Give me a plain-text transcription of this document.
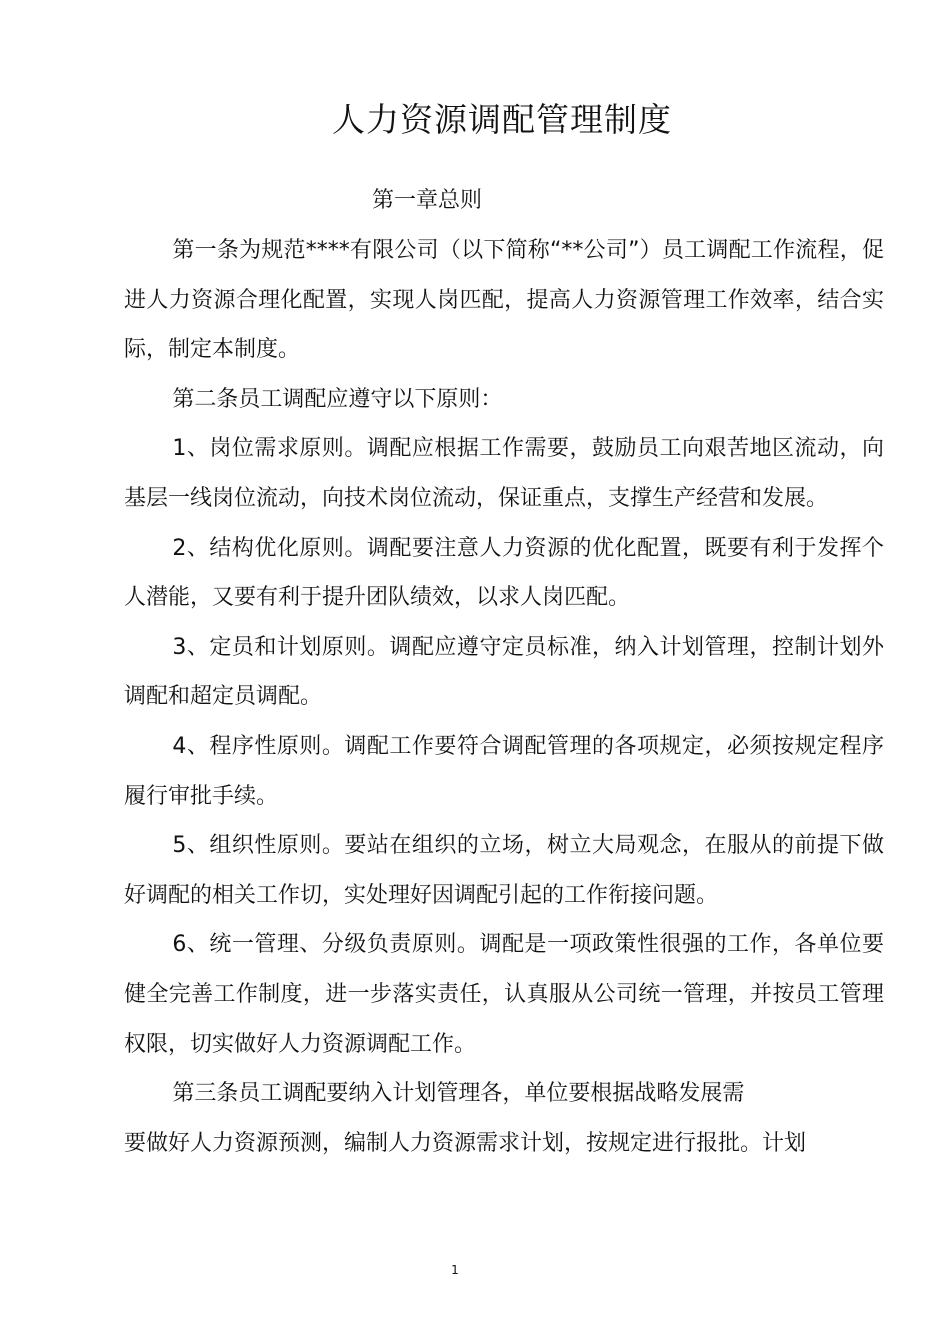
人力资源调配管理制度
第一章总则

第一条为规范****有限公司（以下简称“**公司”）员工调配工作流程，促进人力资源合理化配置，实现人岗匹配，提高人力资源管理工作效率，结合实际，制定本制度。

第二条员工调配应遵守以下原则：

1、岗位需求原则。调配应根据工作需要，鼓励员工向艰苦地区流动，向基层一线岗位流动，向技术岗位流动，保证重点，支撑生产经营和发展。

2、结构优化原则。调配要注意人力资源的优化配置，既要有利于发挥个人潜能，又要有利于提升团队绩效，以求人岗匹配。

3、定员和计划原则。调配应遵守定员标准，纳入计划管理，控制计划外调配和超定员调配。

4、程序性原则。调配工作要符合调配管理的各项规定，必须按规定程序履行审批手续。

5、组织性原则。要站在组织的立场，树立大局观念，在服从的前提下做好调配的相关工作切，实处理好因调配引起的工作衔接问题。

6、统一管理、分级负责原则。调配是一项政策性很强的工作，各单位要健全完善工作制度，进一步落实责任，认真服从公司统一管理，并按员工管理权限，切实做好人力资源调配工作。

第三条员工调配要纳入计划管理各，单位要根据战略发展需

要做好人力资源预测，编制人力资源需求计划，按规定进行报批。计划

1
